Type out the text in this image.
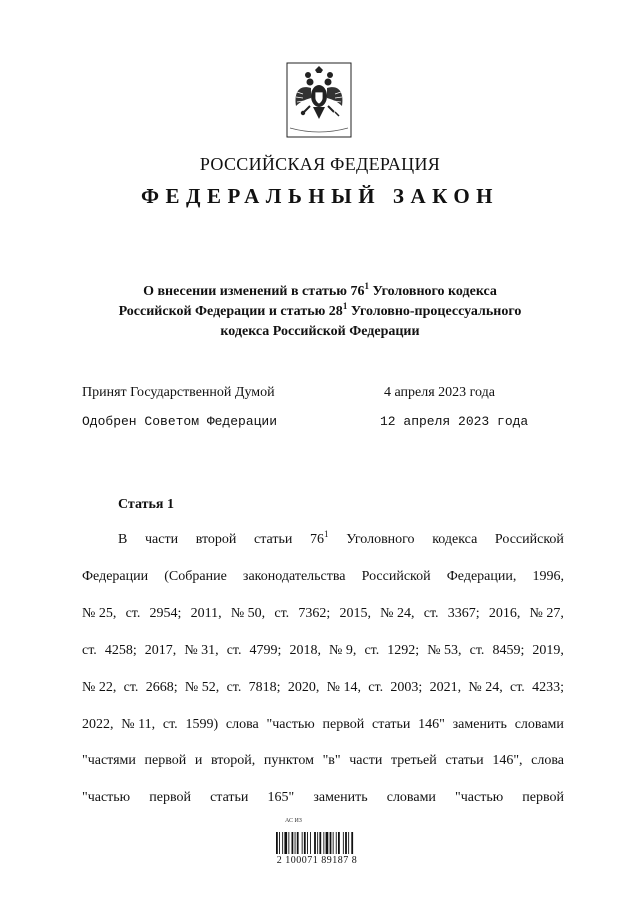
РОССИЙСКАЯ ФЕДЕРАЦИЯ
ФЕДЕРАЛЬНЫЙ ЗАКОН
О внесении изменений в статью $76^1$ Уголовного кодекса
Российской Федерации и статью $28^1$ Уголовно-процессуального
кодекса Российской Федерации
Принят Государственной Думой	4 апреля 2023 года
Одобрен Советом Федерации	12 апреля 2023 года
Статья 1
В части второй статьи $76^1$ Уголовного кодекса Российской
Федерации (Собрание законодательства Российской Федерации, 1996,
№ 25, ст. 2954; 2011, № 50, ст. 7362; 2015, № 24, ст. 3367; 2016, № 27,
ст. 4258; 2017, № 31, ст. 4799; 2018, № 9, ст. 1292; № 53, ст. 8459; 2019,
№ 22, ст. 2668; № 52, ст. 7818; 2020, № 14, ст. 2003; 2021, № 24, ст. 4233;
2022, № 11, ст. 1599) слова "частью первой статьи 146" заменить словами
"частями первой и второй, пунктом "в" части третьей статьи 146", слова
"частью первой статьи 165" заменить словами "частью первой
АС ИЗ
2 100071 89187 8
